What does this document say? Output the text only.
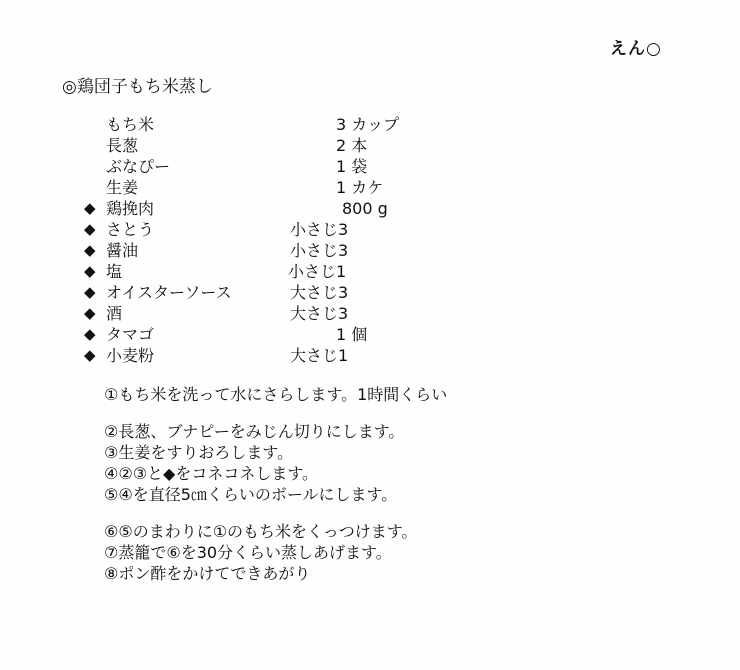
えん○
◎鶏団子もち米蒸し
もち米	3 カップ
長葱	2 本
ぶなぴー	1 袋
生姜	1 カケ
◆ 鶏挽肉	800 g
◆ さとう	小さじ3
◆ 醤油	小さじ3
◆ 塩	小さじ1
◆ オイスターソース	大さじ3
◆ 酒	大さじ3
◆ タマゴ	1 個
◆ 小麦粉	大さじ1
①もち米を洗って水にさらします。1時間くらい
②長葱、ブナピーをみじん切りにします。
③生姜をすりおろします。
④②③と◆をコネコネします。
⑤④を直径5㎝くらいのボールにします。
⑥⑤のまわりに①のもち米をくっつけます。
⑦蒸籠で⑥を30分くらい蒸しあげます。
⑧ポン酢をかけてできあがり
